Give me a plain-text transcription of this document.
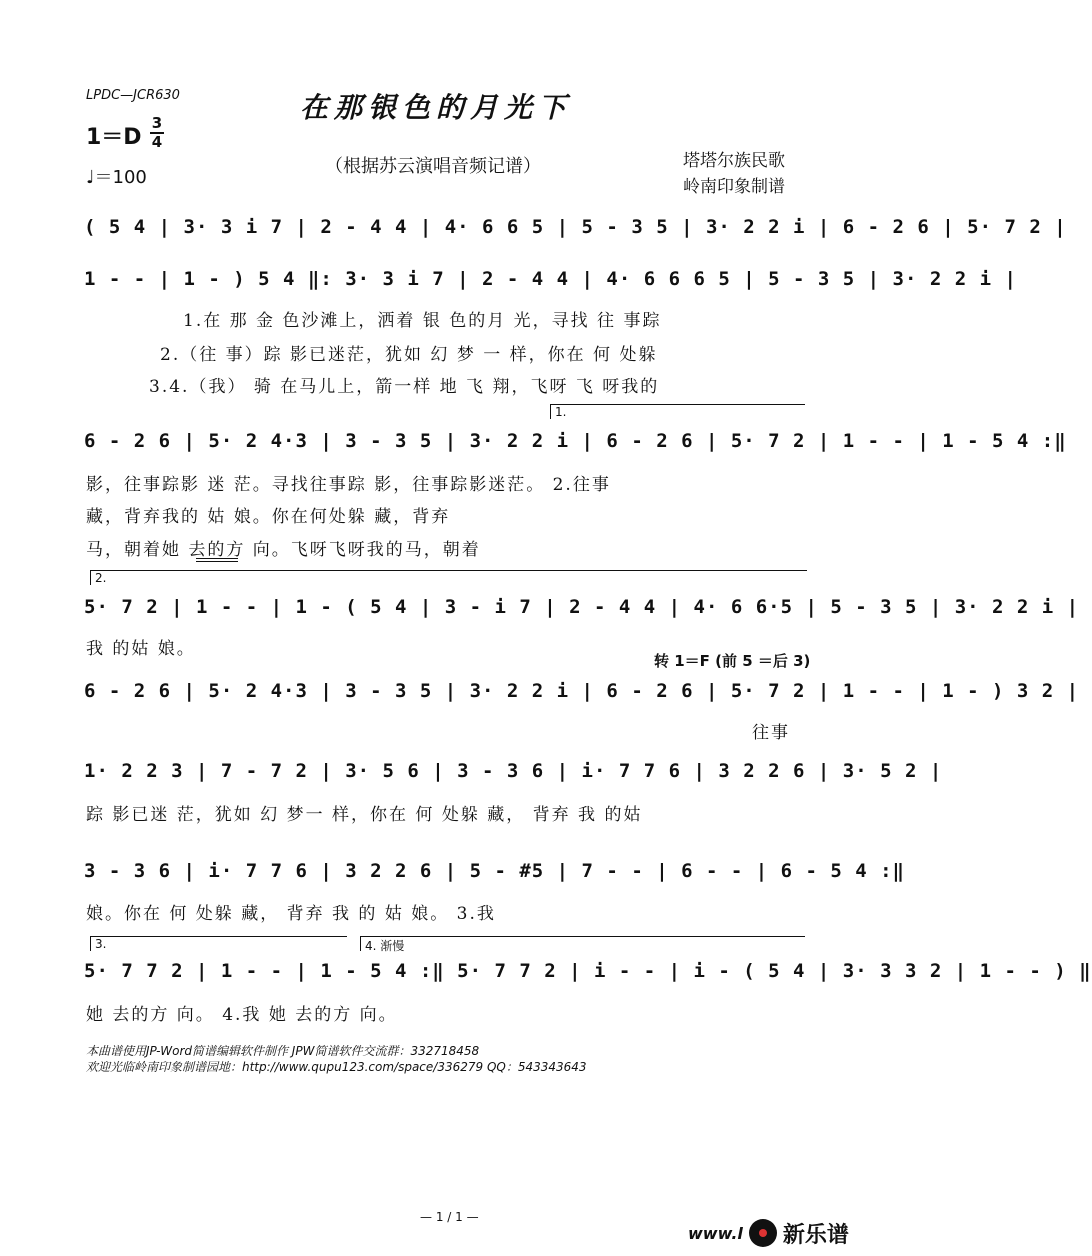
LPDC—JCR630	在那银色的月光下
1＝D
3
4
♩＝100
（根据苏云演唱音频记谱）	塔塔尔族民歌
岭南印象制谱
( 5 4 | 3· 3 i 7 | 2 - 4 4 | 4· 6 6 5 | 5 - 3 5 | 3· 2 2 i | 6 - 2 6 | 5· 7 2 |
1 - - | 1 - ) 5 4 ‖: 3· 3 i 7 | 2 - 4 4 | 4· 6 6 6 5 | 5 - 3 5 | 3· 2 2 i |
1.在 那 金 色沙滩上，洒着 银 色的月 光，寻找 往 事踪
2.（往 事）踪 影已迷茫，犹如 幻 梦 一 样，你在 何 处躲
3.4.（我） 骑 在马儿上，箭一样 地 飞 翔，飞呀 飞 呀我的
1.
6 - 2 6 | 5· 2 4·3 | 3 - 3 5 | 3· 2 2 i | 6 - 2 6 | 5· 7 2 | 1 - - | 1 - 5 4 :‖
影，往事踪影 迷 茫。寻找往事踪 影，往事踪影迷茫。 2.往事
藏，背弃我的 姑 娘。你在何处躲 藏，背弃
马，朝着她 去的方 向。飞呀飞呀我的马，朝着
2.
5· 7 2 | 1 - - | 1 - ( 5 4 | 3 - i 7 | 2 - 4 4 | 4· 6 6·5 | 5 - 3 5 | 3· 2 2 i |
我 的姑 娘。
转 1＝F (前 5 ＝后 3)
6 - 2 6 | 5· 2 4·3 | 3 - 3 5 | 3· 2 2 i | 6 - 2 6 | 5· 7 2 | 1 - - | 1 - ) 3 2 |
往事
1· 2 2 3 | 7 - 7 2 | 3· 5 6 | 3 - 3 6 | i· 7 7 6 | 3 2 2 6 | 3· 5 2 |
踪 影已迷 茫，犹如 幻 梦一 样，你在 何 处躲 藏， 背弃 我 的姑
3 - 3 6 | i· 7 7 6 | 3 2 2 6 | 5 - #5 | 7 - - | 6 - - | 6 - 5 4 :‖
娘。你在 何 处躲 藏， 背弃 我 的 姑 娘。 3.我
3.	4. 渐慢
5· 7 7 2 | 1 - - | 1 - 5 4 :‖ 5· 7 7 2 | i - - | i - ( 5 4 | 3· 3 3 2 | 1 - - ) ‖
她 去的方 向。 4.我 她 去的方 向。
本曲谱使用JP-Word简谱编辑软件制作 JPW简谱软件交流群：332718458
欢迎光临岭南印象制谱园地：http://www.qupu123.com/space/336279 QQ：543343643
— 1 / 1 —
www.l 新乐谱
